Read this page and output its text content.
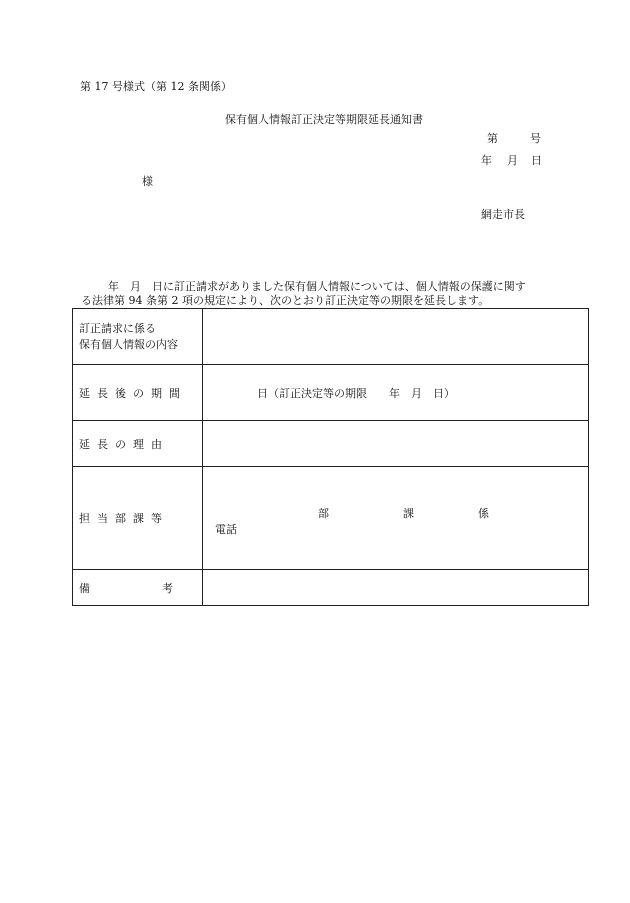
第 17 号様式（第 12 条関係）
保有個人情報訂正決定等期限延長通知書
第	号
年 月 日
様
網走市長
年　月　日に訂正請求がありました保有個人情報については、個人情報の保護に関す
る法律第 94 条第 2 項の規定により、次のとおり訂正決定等の期限を延長します。
訂正請求に係る
保有個人情報の内容	

延長後の期間	日（訂正決定等の期限　　年　月　日）
延長の理由	
担当部課等	部 課 係
電話

備 考	
